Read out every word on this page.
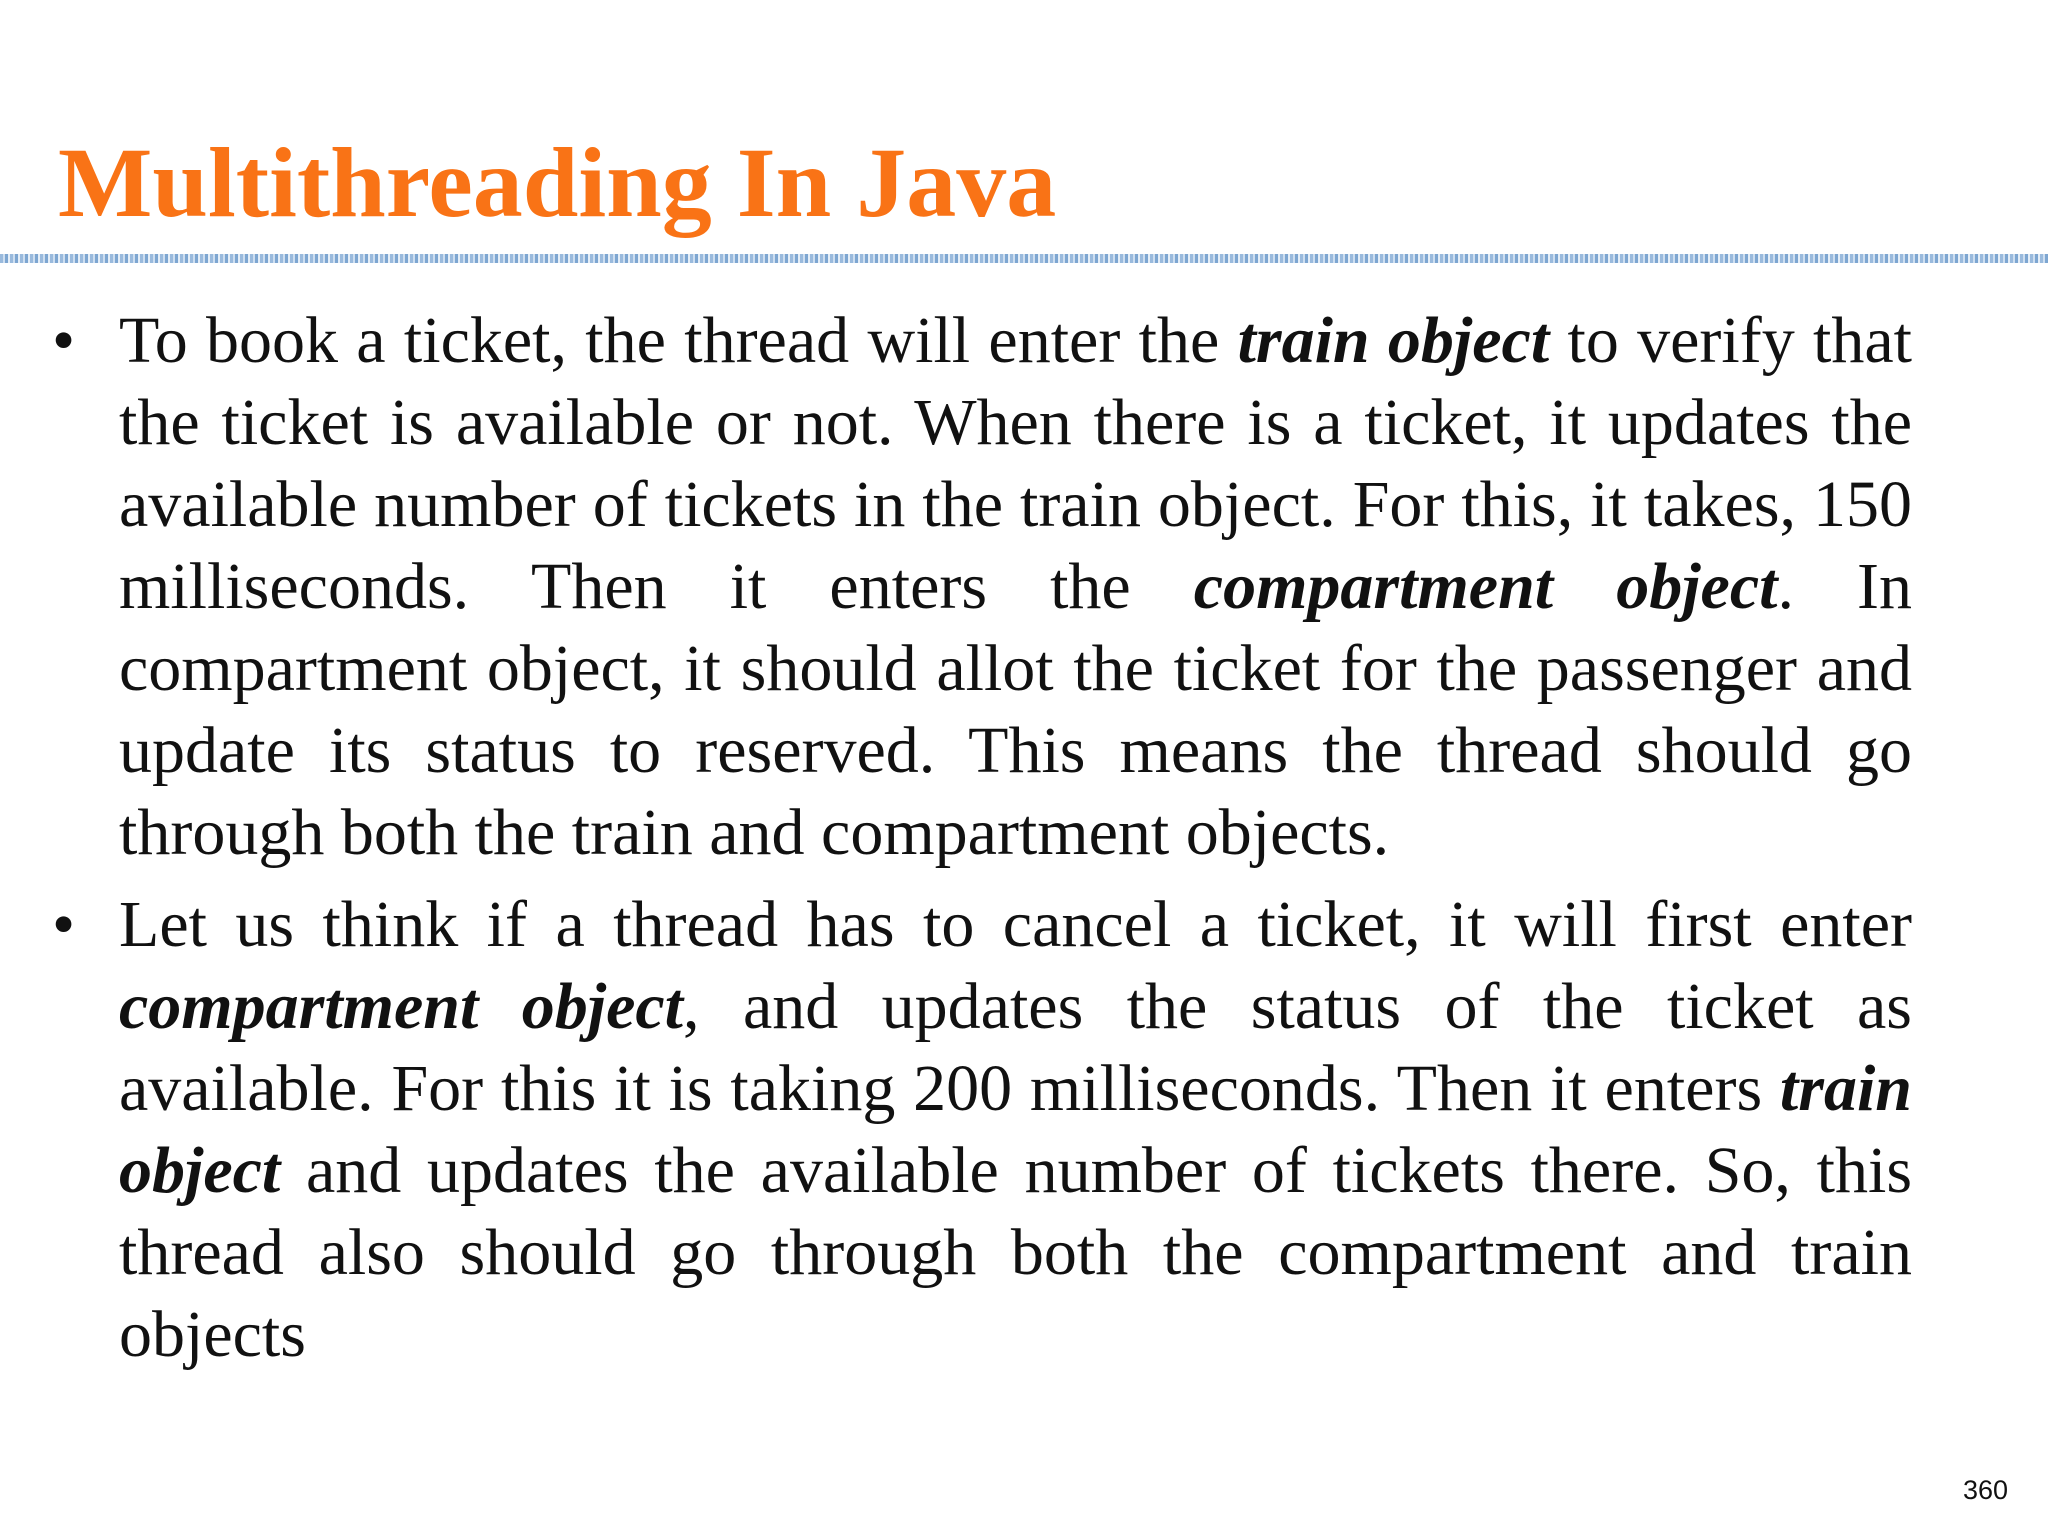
Multithreading In Java

• To book a ticket, the thread will enter the train object to verify that the ticket is available or not. When there is a ticket, it updates the available number of tickets in the train object. For this, it takes, 150 milliseconds. Then it enters the compartment object. In compartment object, it should allot the ticket for the passenger and update its status to reserved. This means the thread should go through both the train and compartment objects.

• Let us think if a thread has to cancel a ticket, it will first enter compartment object, and updates the status of the ticket as available. For this it is taking 200 milliseconds. Then it enters train object and updates the available number of tickets there. So, this thread also should go through both the compartment and train objects

360
